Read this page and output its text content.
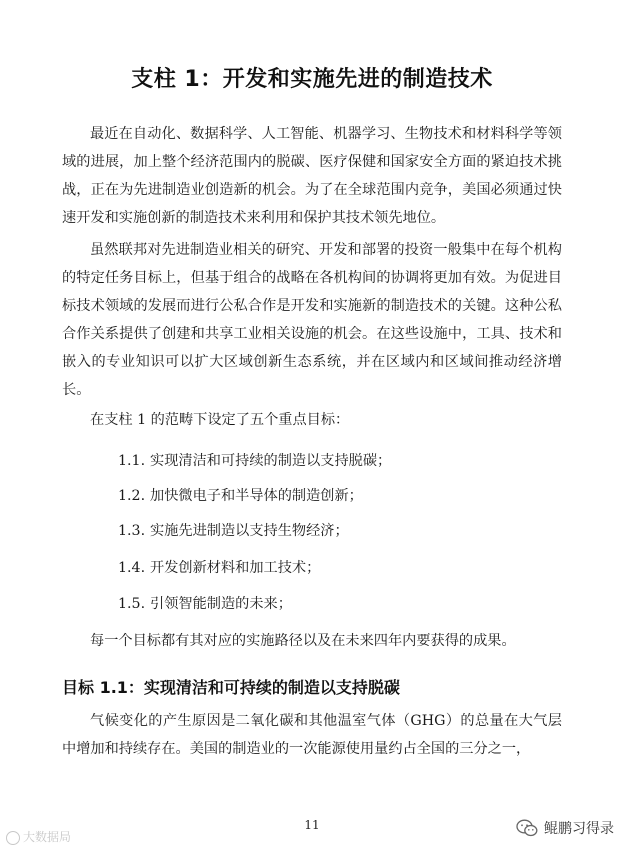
支柱 1：开发和实施先进的制造技术

最近在自动化、数据科学、人工智能、机器学习、生物技术和材料科学等领域的进展，加上整个经济范围内的脱碳、医疗保健和国家安全方面的紧迫技术挑战，正在为先进制造业创造新的机会。为了在全球范围内竞争，美国必须通过快速开发和实施创新的制造技术来利用和保护其技术领先地位。

虽然联邦对先进制造业相关的研究、开发和部署的投资一般集中在每个机构的特定任务目标上，但基于组合的战略在各机构间的协调将更加有效。为促进目标技术领域的发展而进行公私合作是开发和实施新的制造技术的关键。这种公私合作关系提供了创建和共享工业相关设施的机会。在这些设施中，工具、技术和嵌入的专业知识可以扩大区域创新生态系统，并在区域内和区域间推动经济增长。

在支柱 1 的范畴下设定了五个重点目标：

1.1. 实现清洁和可持续的制造以支持脱碳；
1.2. 加快微电子和半导体的制造创新；
1.3. 实施先进制造以支持生物经济；
1.4. 开发创新材料和加工技术；
1.5. 引领智能制造的未来；

每一个目标都有其对应的实施路径以及在未来四年内要获得的成果。

目标 1.1：实现清洁和可持续的制造以支持脱碳

气候变化的产生原因是二氧化碳和其他温室气体（GHG）的总量在大气层中增加和持续存在。美国的制造业的一次能源使用量约占全国的三分之一，

11
大数据局	鲲鹏习得录
